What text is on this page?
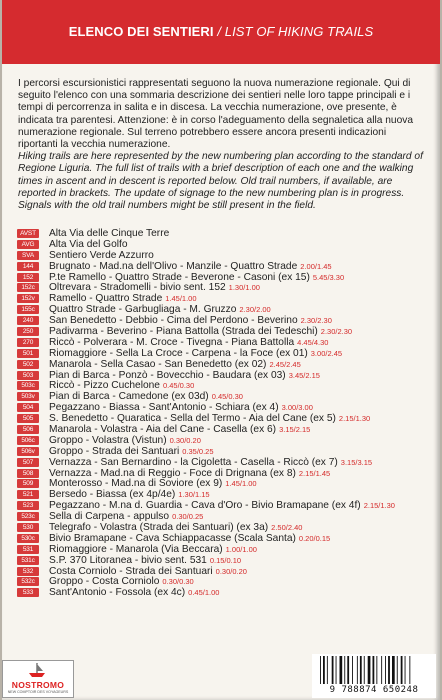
ELENCO DEI SENTIERI / LIST OF HIKING TRAILS

I percorsi escursionistici rappresentati seguono la nuova numerazione regionale. Qui di seguito l'elenco con una sommaria descrizione dei sentieri nelle loro tappe principali e i tempi di percorrenza in salita e in discesa. La vecchia numerazione, ove presente, è indicata tra parentesi. Attenzione: è in corso l'adeguamento della segnaletica alla nuova numerazione regionale. Sul terreno potrebbero essere ancora presenti indicazioni riportanti la vecchia numerazione.

Hiking trails are here represented by the new numbering plan according to the standard of Regione Liguria. The full list of trails with a brief description of each one and the walking times in ascent and in descent is reported below. Old trail numbers, if available, are reported in brackets. The update of signage to the new numbering plan is in progress. Signals with the old trail numbers might be still present in the field.

AVST	Alta Via delle Cinque Terre
AVG	Alta Via del Golfo
SVA	Sentiero Verde Azzurro
144	Brugnato - Mad.na dell'Olivo - Manzile - Quattro Strade 2.00/1.45
152	P.te Ramello - Quattro Strade - Beverone - Casoni (ex 15) 5.45/3.30
152c	Oltrevara - Stradomelli - bivio sent. 152 1.30/1.00
152v	Ramello - Quattro Strade 1.45/1.00
155c	Quattro Strade - Garbugliaga - M. Gruzzo 2.30/2.00
240	San Benedetto - Debbio - Cima del Perdono - Beverino 2.30/2.30
250	Padivarma - Beverino - Piana Battolla (Strada dei Tedeschi) 2.30/2.30
270	Riccò - Polverara - M. Croce - Tivegna - Piana Battolla 4.45/4.30
501	Riomaggiore - Sella La Croce - Carpena - la Foce (ex 01) 3.00/2.45
502	Manarola - Sella Casao - San Benedetto (ex 02) 2.45/2.45
503	Pian di Barca - Ponzò - Bovecchio - Baudara (ex 03) 3.45/2.15
503c	Riccò - Pizzo Cuchelone 0.45/0.30
503v	Pian di Barca - Camedone (ex 03d) 0.45/0.30
504	Pegazzano - Biassa - Sant'Antonio - Schiara (ex 4) 3.00/3.00
505	S. Benedetto - Quaratica - Sella del Termo - Aia del Cane (ex 5) 2.15/1.30
506	Manarola - Volastra - Aia del Cane - Casella (ex 6) 3.15/2.15
506c	Groppo - Volastra (Vistun) 0.30/0.20
506v	Groppo - Strada dei Santuari 0.35/0.25
507	Vernazza - San Bernardino - la Cigoletta - Casella - Riccò (ex 7) 3.15/3.15
508	Vernazza - Mad.na di Reggio - Foce di Drignana (ex 8) 2.15/1.45
509	Monterosso - Mad.na di Soviore (ex 9) 1.45/1.00
521	Bersedo - Biassa (ex 4p/4e) 1.30/1.15
523	Pegazzano - M.na d. Guardia - Cava d'Oro - Bivio Bramapane (ex 4f) 2.15/1.30
523c	Sella di Carpena - appulso 0.30/0.25
530	Telegrafo - Volastra (Strada dei Santuari) (ex 3a) 2.50/2.40
530c	Bivio Bramapane - Cava Schiappacasse (Scala Santa) 0.20/0.15
531	Riomaggiore - Manarola (Via Beccara) 1.00/1.00
531c	S.P. 370 Litoranea - bivio sent. 531 0.15/0.10
532	Costa Corniolo - Strada dei Santuari 0.30/0.20
532c	Groppo - Costa Corniolo 0.30/0.30
533	Sant'Antonio - Fossola (ex 4c) 0.45/1.00
NOSTROMO
NEW COMPTOIR DES VOYAGEURS	9 788874 650248
